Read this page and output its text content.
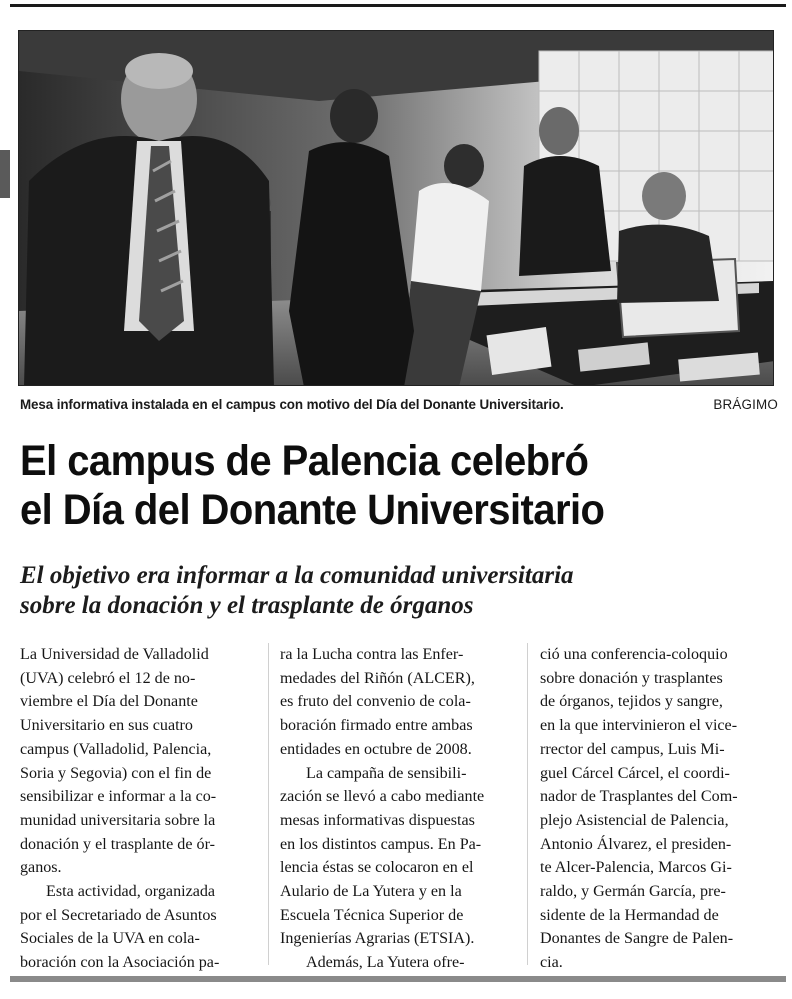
Mesa informativa instalada en el campus con motivo del Día del Donante Universitario.	BRÁGIMO
El campus de Palencia celebró
el Día del Donante Universitario
El objetivo era informar a la comunidad universitaria
sobre la donación y el trasplante de órganos

La Universidad de Valladolid

(UVA) celebró el 12 de no-

viembre el Día del Donante

Universitario en sus cuatro

campus (Valladolid, Palencia,

Soria y Segovia) con el fin de

sensibilizar e informar a la co-

munidad universitaria sobre la

donación y el trasplante de ór-

ganos.

Esta actividad, organizada

por el Secretariado de Asuntos

Sociales de la UVA en cola-

boración con la Asociación pa-

ra la Lucha contra las Enfer-

medades del Riñón (ALCER),

es fruto del convenio de cola-

boración firmado entre ambas

entidades en octubre de 2008.

La campaña de sensibili-

zación se llevó a cabo mediante

mesas informativas dispuestas

en los distintos campus. En Pa-

lencia éstas se colocaron en el

Aulario de La Yutera y en la

Escuela Técnica Superior de

Ingenierías Agrarias (ETSIA).

Además, La Yutera ofre-

ció una conferencia-coloquio

sobre donación y trasplantes

de órganos, tejidos y sangre,

en la que intervinieron el vice-

rrector del campus, Luis Mi-

guel Cárcel Cárcel, el coordi-

nador de Trasplantes del Com-

plejo Asistencial de Palencia,

Antonio Álvarez, el presiden-

te Alcer-Palencia, Marcos Gi-

raldo, y Germán García, pre-

sidente de la Hermandad de

Donantes de Sangre de Palen-

cia.
